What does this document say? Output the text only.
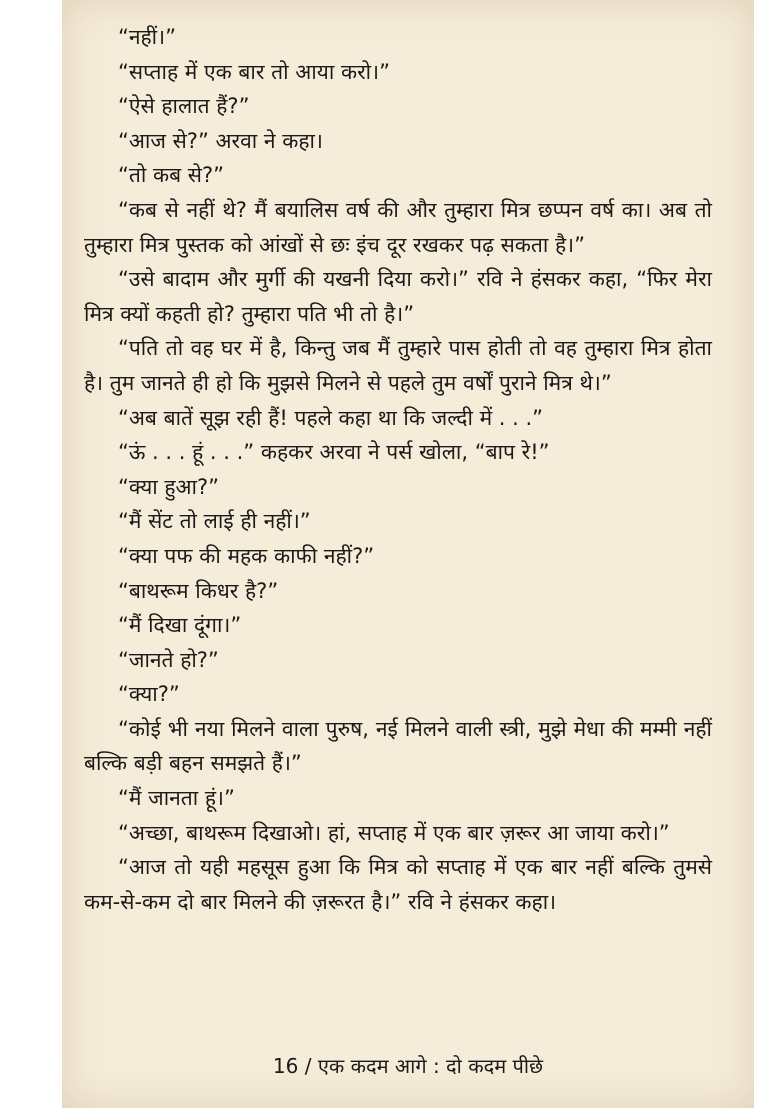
“नहीं।”

“सप्ताह में एक बार तो आया करो।”

“ऐसे हालात हैं?”

“आज से?” अरवा ने कहा।

“तो कब से?”

“कब से नहीं थे? मैं बयालिस वर्ष की और तुम्हारा मित्र छप्पन वर्ष का। अब तो तुम्हारा मित्र पुस्तक को आंखों से छः इंच दूर रखकर पढ़ सकता है।”

“उसे बादाम और मुर्गी की यखनी दिया करो।” रवि ने हंसकर कहा, “फिर मेरा मित्र क्यों कहती हो? तुम्हारा पति भी तो है।”

“पति तो वह घर में है, किन्तु जब मैं तुम्हारे पास होती तो वह तुम्हारा मित्र होता है। तुम जानते ही हो कि मुझसे मिलने से पहले तुम वर्षों पुराने मित्र थे।”

“अब बातें सूझ रही हैं! पहले कहा था कि जल्दी में . . .”

“ऊं . . . हूं . . .” कहकर अरवा ने पर्स खोला, “बाप रे!”

“क्या हुआ?”

“मैं सेंट तो लाई ही नहीं।”

“क्या पफ की महक काफी नहीं?”

“बाथरूम किधर है?”

“मैं दिखा दूंगा।”

“जानते हो?”

“क्या?”

“कोई भी नया मिलने वाला पुरुष, नई मिलने वाली स्त्री, मुझे मेधा की मम्मी नहीं बल्कि बड़ी बहन समझते हैं।”

“मैं जानता हूं।”

“अच्छा, बाथरूम दिखाओ। हां, सप्ताह में एक बार ज़रूर आ जाया करो।”

“आज तो यही महसूस हुआ कि मित्र को सप्ताह में एक बार नहीं बल्कि तुमसे कम-से-कम दो बार मिलने की ज़रूरत है।” रवि ने हंसकर कहा।

16 / एक कदम आगे : दो कदम पीछे
